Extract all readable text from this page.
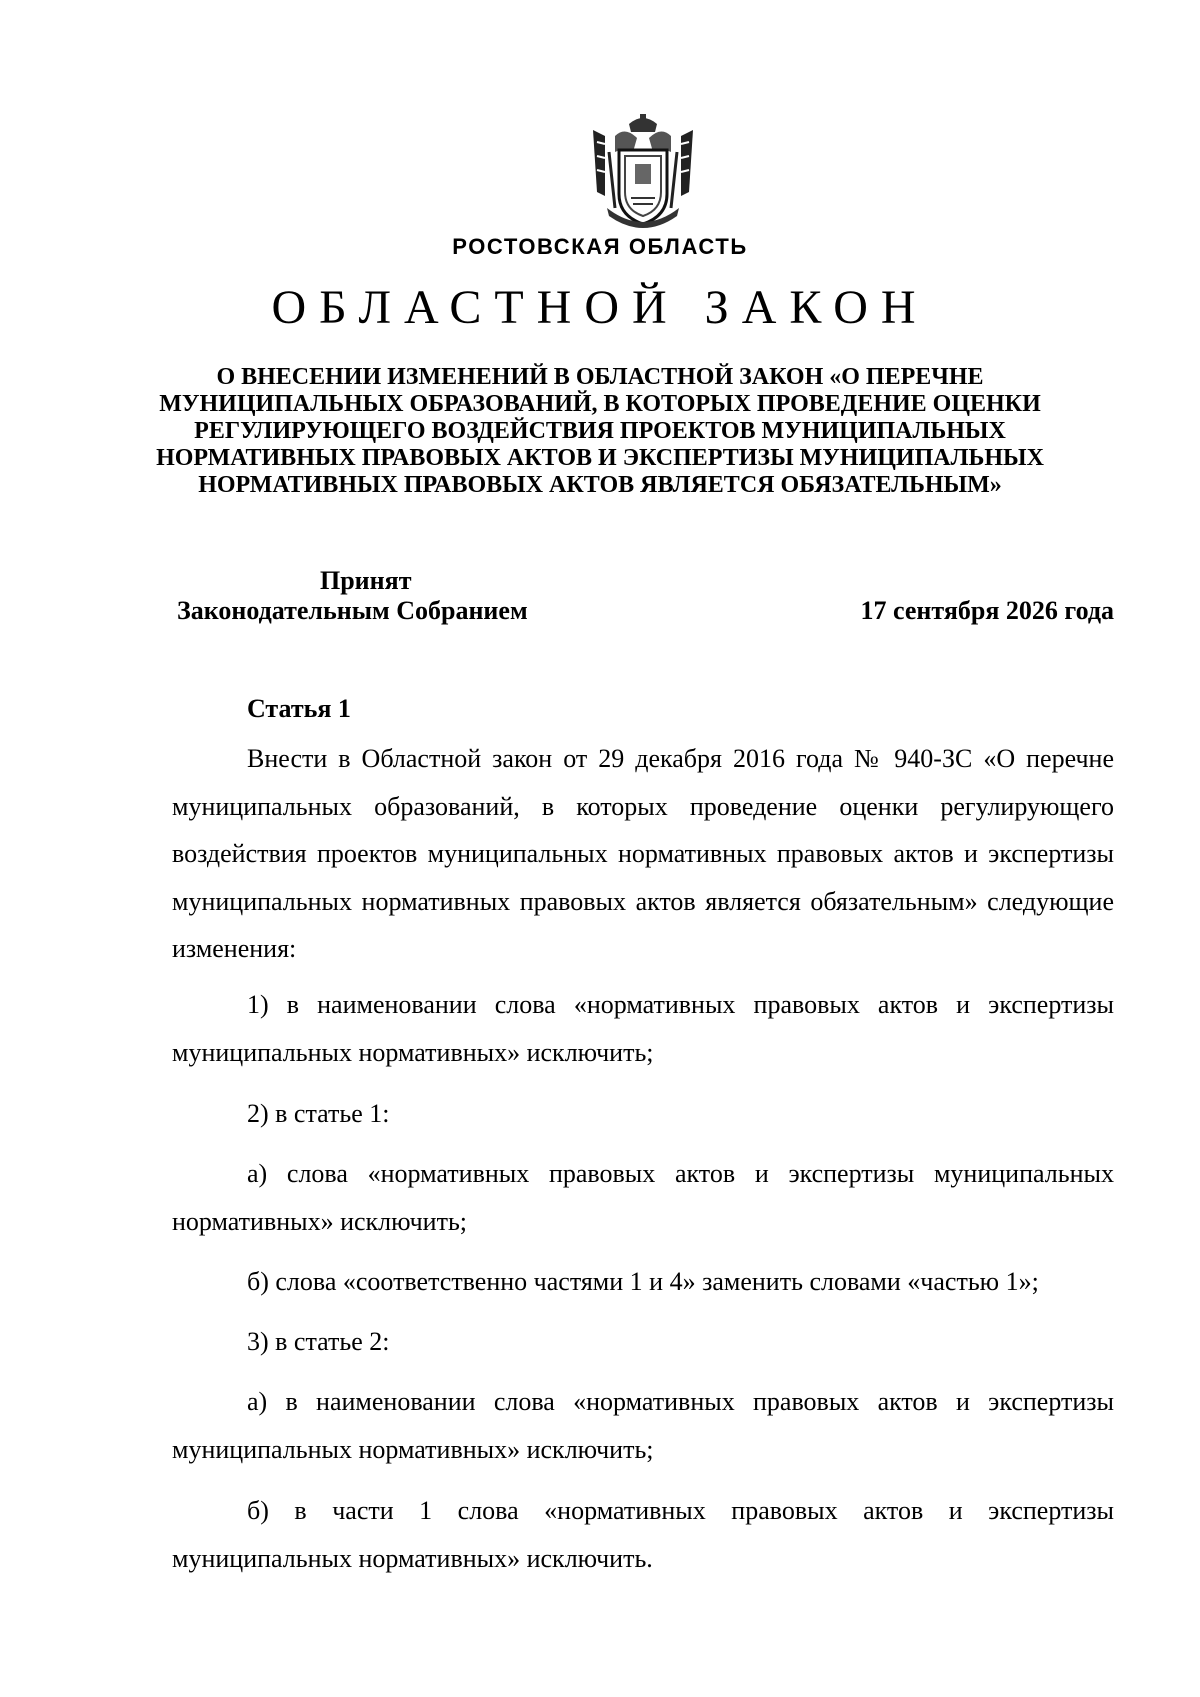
РОСТОВСКАЯ ОБЛАСТЬ
ОБЛАСТНОЙ ЗАКОН
О ВНЕСЕНИИ ИЗМЕНЕНИЙ В ОБЛАСТНОЙ ЗАКОН «О ПЕРЕЧНЕ МУНИЦИПАЛЬНЫХ ОБРАЗОВАНИЙ, В КОТОРЫХ ПРОВЕДЕНИЕ ОЦЕНКИ РЕГУЛИРУЮЩЕГО ВОЗДЕЙСТВИЯ ПРОЕКТОВ МУНИЦИПАЛЬНЫХ НОРМАТИВНЫХ ПРАВОВЫХ АКТОВ И ЭКСПЕРТИЗЫ МУНИЦИПАЛЬНЫХ НОРМАТИВНЫХ ПРАВОВЫХ АКТОВ ЯВЛЯЕТСЯ ОБЯЗАТЕЛЬНЫМ»
Принят
Законодательным Собранием	17 сентября 2026 года
Статья 1
Внести в Областной закон от 29 декабря 2016 года № 940-ЗС «О перечне муниципальных образований, в которых проведение оценки регулирующего воздействия проектов муниципальных нормативных правовых актов и экспертизы муниципальных нормативных правовых актов является обязательным» следующие изменения:
1) в наименовании слова «нормативных правовых актов и экспертизы муниципальных нормативных» исключить;
2) в статье 1:
а) слова «нормативных правовых актов и экспертизы муниципальных нормативных» исключить;
б) слова «соответственно частями 1 и 4» заменить словами «частью 1»;
3) в статье 2:
а) в наименовании слова «нормативных правовых актов и экспертизы муниципальных нормативных» исключить;
б) в части 1 слова «нормативных правовых актов и экспертизы муниципальных нормативных» исключить.
